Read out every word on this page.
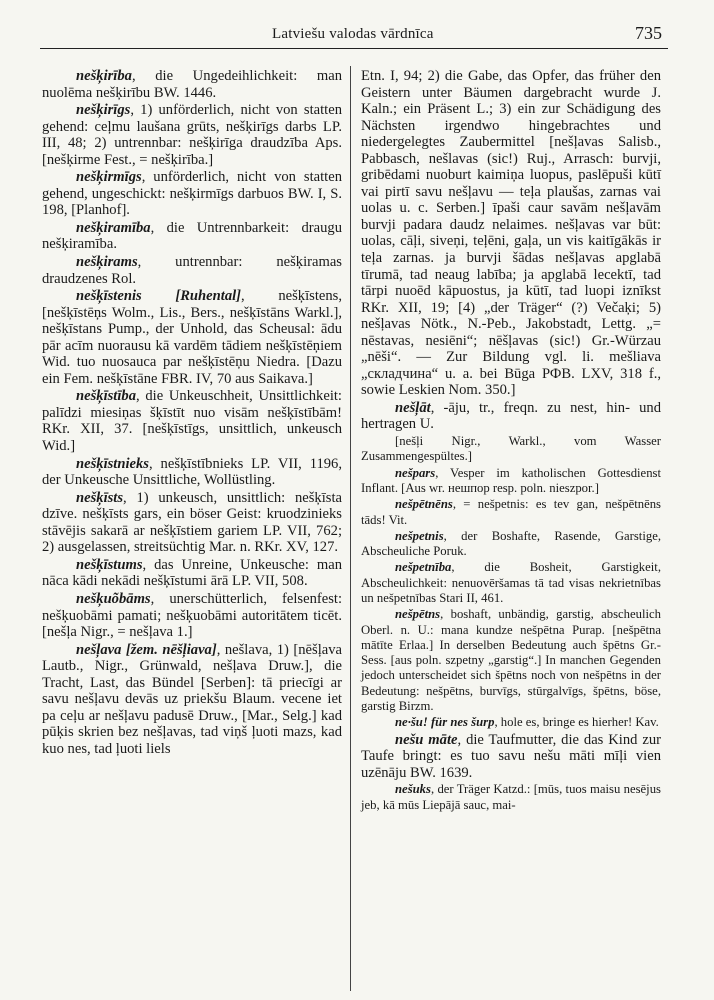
Latviešu valodas vārdnīca	735

nešķirība, die Ungedeihlichkeit: man nuolēma nešķirību BW. 1446.

nešķirīgs, 1) unförderlich, nicht von statten gehend: ceļmu laušana grūts, nešķirīgs darbs LP. III, 48; 2) untrennbar: nešķirīga draudzība Aps. [nešķirme Fest., = nešķirība.]

nešķirmīgs, unförderlich, nicht von statten gehend, ungeschickt: nešķirmīgs darbuos BW. I, S. 198, [Planhof].

nešķiramība, die Untrennbarkeit: draugu nešķiramība.

nešķirams, untrennbar: nešķiramas draudzenes Rol.

nešķīstenis [Ruhental], nešķīstens, [nešķīstēņs Wolm., Lis., Bers., nešķīstāns Warkl.], nešķīstans Pump., der Unhold, das Scheusal: ādu pār acīm nuorausu kā vardēm tādiem nešķīstēņiem Wid. tuo nuosauca par nešķīstēņu Niedra. [Dazu ein Fem. nešķīstāne FBR. IV, 70 aus Saikava.]

nešķīstība, die Unkeuschheit, Unsittlichkeit: palīdzi miesiņas šķīstīt nuo visām nešķīstībām! RKr. XII, 37. [nešķīstīgs, unsittlich, unkeusch Wid.]

nešķīstnieks, nešķīstībnieks LP. VII, 1196, der Unkeusche Unsittliche, Wollüstling.

nešķīsts, 1) unkeusch, unsittlich: nešķīsta dzīve. nešķīsts gars, ein böser Geist: kruodzinieks stāvējis sakarā ar nešķīstiem gariem LP. VII, 762; 2) ausgelassen, streitsüchtig Mar. n. RKr. XV, 127.

nešķīstums, das Unreine, Unkeusche: man nāca kādi nekādi nešķīstumi ārā LP. VII, 508.

nešķuõbāms, unerschütterlich, felsenfest: nešķuobāmi pamati; nešķuobāmi autoritātem ticēt. [nešļa Nigr., = nešļava 1.]

nešļava [žem. nēšļiava], nešlava, 1) [nēšļava Lautb., Nigr., Grünwald, nešļava Druw.], die Tracht, Last, das Bündel [Serben]: tā priecīgi ar savu nešļavu devās uz priekšu Blaum. vecene iet pa ceļu ar nešļavu padusē Druw., [Mar., Selg.] kad pūķis skrien bez nešļavas, tad viņš ļuoti mazs, kad kuo nes, tad ļuoti liels

Etn. I, 94; 2) die Gabe, das Opfer, das früher den Geistern unter Bäumen dargebracht wurde J. Kaln.; ein Präsent L.; 3) ein zur Schädigung des Nächsten irgendwo hingebrachtes und niedergelegtes Zaubermittel [nešļavas Salisb., Pabbasch, nešlavas (sic!) Ruj., Arrasch: burvji, gribēdami nuoburt kaimiņa luopus, paslēpuši kūtī vai pirtī savu nešļavu — teļa plaušas, zarnas vai uolas u. c. Serben.] īpaši caur savām nešļavām burvji padara daudz nelaimes. nešļavas var būt: uolas, cāļi, siveņi, teļēni, gaļa, un vis kaitīgākās ir teļa zarnas. ja burvji šādas nešļavas apglabā tīrumā, tad neaug labība; ja apglabā lecektī, tad tārpi nuoēd kāpuostus, ja kūtī, tad luopi iznīkst RKr. XII, 19; [4) „der Träger“ (?) Večaķi; 5) nešļavas Nötk., N.-Peb., Jakobstadt, Lettg. „= nēstavas, nesiēni“; nēšļavas (sic!) Gr.-Würzau „nēši“. — Zur Bildung vgl. li. mešliava „складчина“ u. a. bei Būga РФВ. LXV, 318 f., sowie Leskien Nom. 350.]

nešļāt, -āju, tr., freqn. zu nest, hin- und hertragen U.

[nešļi Nigr., Warkl., vom Wasser Zusammengespültes.]

nešpars, Vesper im katholischen Gottesdienst Inflant. [Aus wr. нешпор resp. poln. nieszpor.]

nešpētnēns, = nešpetnis: es tev gan, nešpētnēns tāds! Vit.

nešpetnis, der Boshafte, Rasende, Garstige, Abscheuliche Poruk.

nešpetnība, die Bosheit, Garstigkeit, Abscheulichkeit: nenuovēršamas tā tad visas nekrietnības un nešpetnības Stari II, 461.

nešpētns, boshaft, unbändig, garstig, abscheulich Oberl. n. U.: mana kundze nešpētna Purap. [nešpētna mātīte Erlaa.] In derselben Bedeutung auch špētns Gr.-Sess. [aus poln. szpetny „garstig“.] In manchen Gegenden jedoch unterscheidet sich špētns noch von nešpētns in der Bedeutung: nešpētns, burvīgs, stūrgalvīgs, špētns, böse, garstig Birzm.

ne·šu! für nes šurp, hole es, bringe es hierher! Kav.

nešu māte, die Taufmutter, die das Kind zur Taufe bringt: es tuo savu nešu māti mīļi vien uzēnāju BW. 1639.

nešuks, der Träger Katzd.: [mūs, tuos maisu nesējus jeb, kā mūs Liepājā sauc, mai-
